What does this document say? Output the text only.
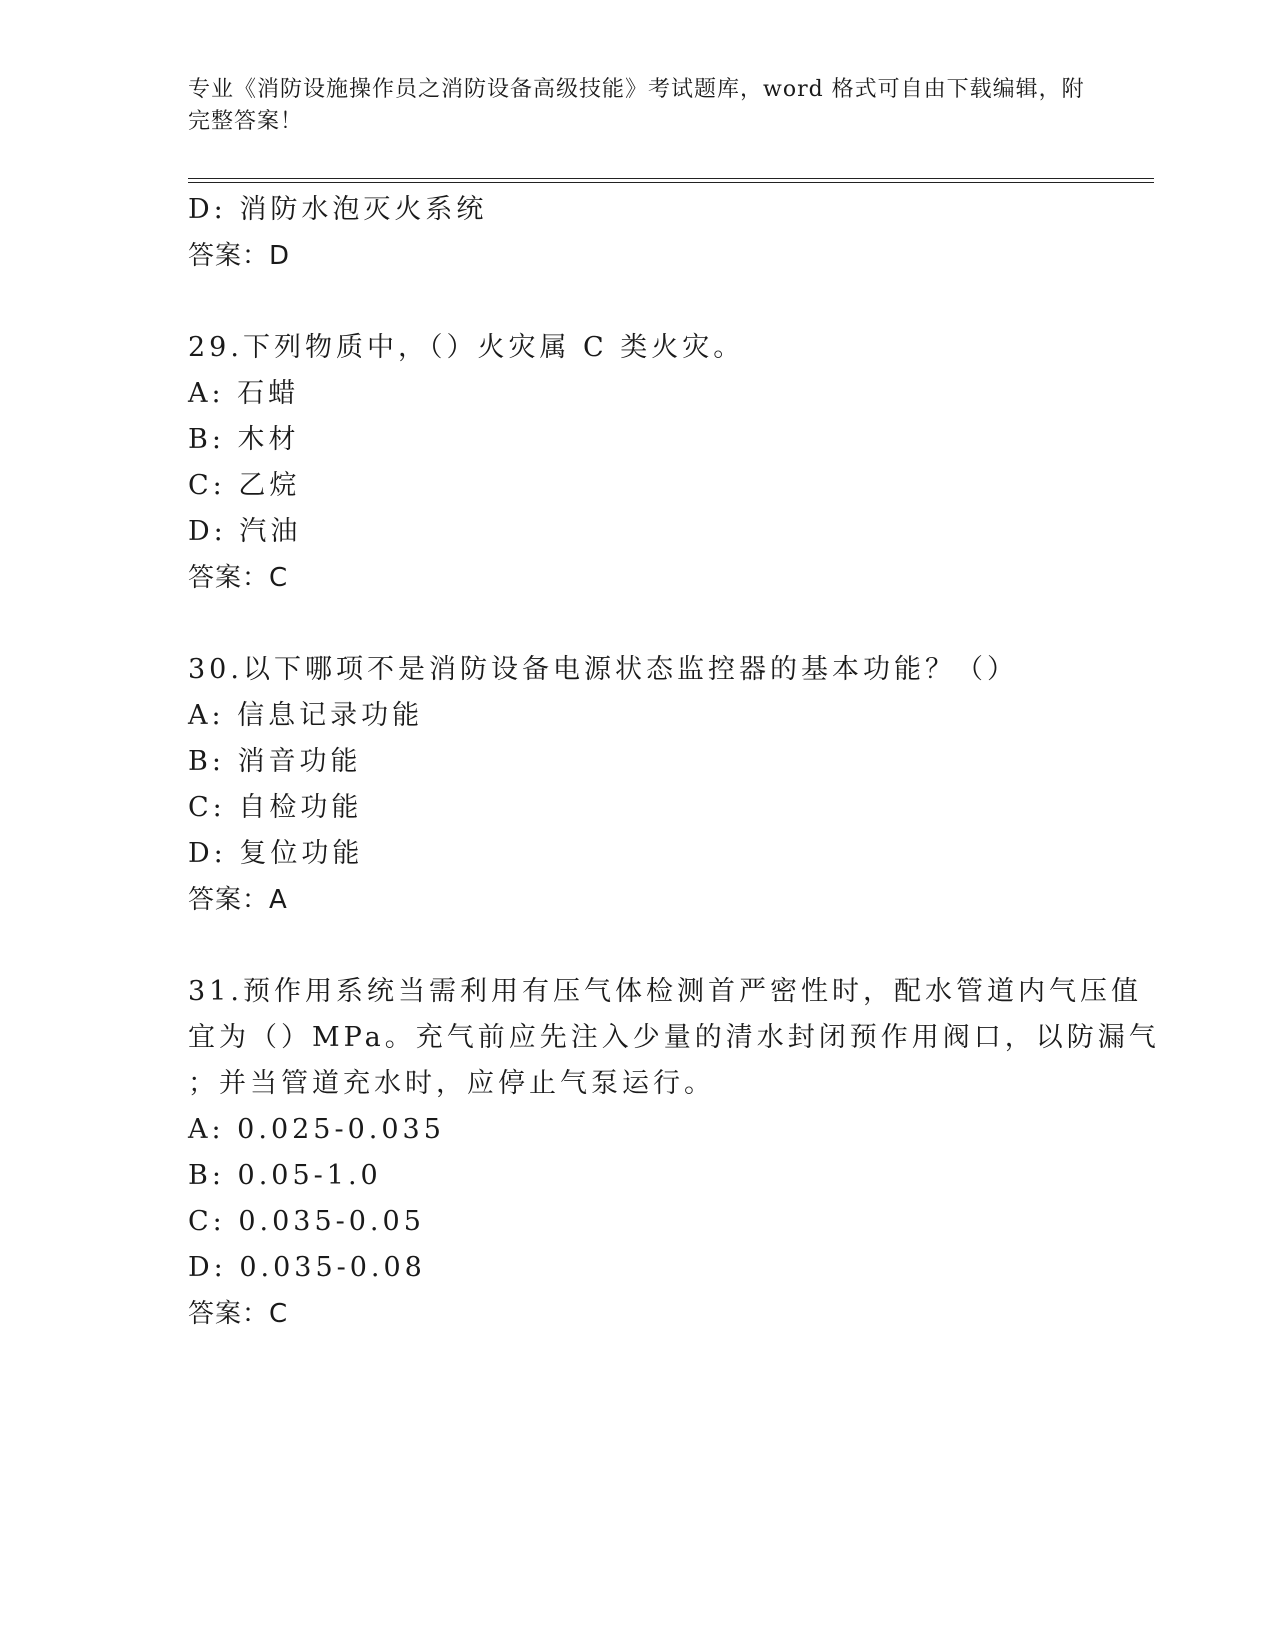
专业《消防设施操作员之消防设备高级技能》考试题库，word 格式可自由下载编辑，附完整答案！
D: 消防水泡灭火系统
答案：D
29.下列物质中，（）火灾属 C 类火灾。
A: 石蜡
B: 木材
C: 乙烷
D: 汽油
答案：C
30.以下哪项不是消防设备电源状态监控器的基本功能？（）
A: 信息记录功能
B: 消音功能
C: 自检功能
D: 复位功能
答案：A
31.预作用系统当需利用有压气体检测首严密性时，配水管道内气压值
宜为（）MPa。充气前应先注入少量的清水封闭预作用阀口，以防漏气
；并当管道充水时，应停止气泵运行。
A: 0.025-0.035
B: 0.05-1.0
C: 0.035-0.05
D: 0.035-0.08
答案：C
